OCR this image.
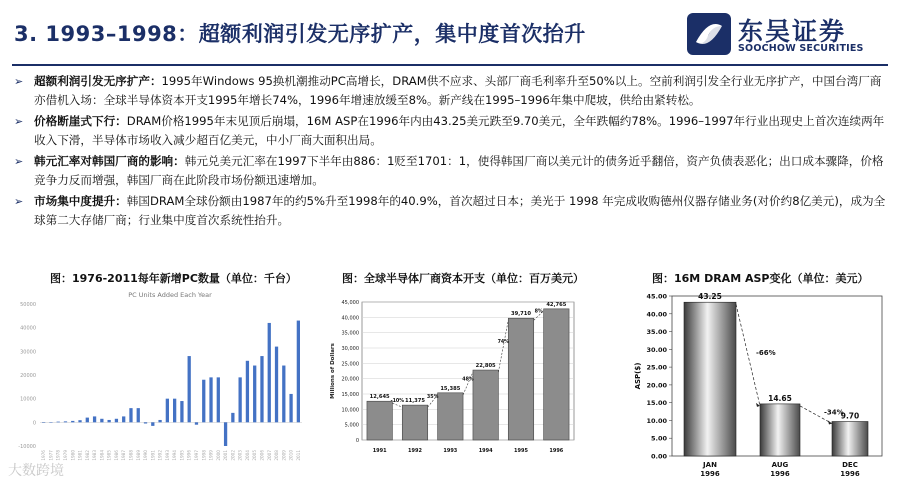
3. 1993–1998：超额利润引发无序扩产，集中度首次抬升	东吴证券
SOOCHOW SECURITIES
➢ 超额利润引发无序扩产：1995年Windows 95换机潮推动PC高增长，DRAM供不应求、头部厂商毛利率升至50%以上。空前利润引发全行业无序扩产，中国台湾厂商亦借机入场：全球半导体资本开支1995年增长74%，1996年增速放缓至8%。新产线在1995–1996年集中爬坡，供给由紧转松。
➢ 价格断崖式下行：DRAM价格1995年末见顶后崩塌，16M ASP在1996年内由43.25美元跌至9.70美元，全年跌幅约78%。1996–1997年行业出现史上首次连续两年收入下滑，半导体市场收入减少超百亿美元，中小厂商大面积出局。
➢ 韩元汇率对韩国厂商的影响：韩元兑美元汇率在1997下半年由886：1贬至1701：1，使得韩国厂商以美元计的债务近乎翻倍，资产负债表恶化；出口成本骤降，价格竞争力反而增强，韩国厂商在此阶段市场份额迅速增加。
➢ 市场集中度提升：韩国DRAM全球份额由1987年的约5%升至1998年的40.9%，首次超过日本；美光于 1998 年完成收购德州仪器存储业务(对价约8亿美元)，成为全球第二大存储厂商；行业集中度首次系统性抬升。
图：1976-2011每年新增PC数量（单位：千台）	图：全球半导体厂商资本开支（单位：百万美元）	图：16M DRAM ASP变化（单位：美元）
PC Units Added Each Year
-10000
0
10000
20000
30000
40000
50000
1976 1977 1978 1979 1980 1981 1982 1983 1984 1985 1986 1987 1988 1989 1990 1991 1992 1993 1994 1995 1996 1997 1998 1999 2000 2001 2002 2003 2004 2005 2006 2007 2008 2009 2010 2011
0
5,000
10,000
15,000
20,000
25,000
30,000
35,000
40,000
45,000
Millions of Dollars	12,645
1991
11,375
1992
15,385
1993
22,805
1994
39,710
1995
42,765
1996
-10%
35%
48%
74%
8%
0.00
5.00
10.00
15.00
20.00
25.00
30.00
35.00
40.00
45.00
ASP($)
43.25
JAN
1996
14.65
AUG
1996
9.70
DEC
1996
-66%
-34%
大数跨境
